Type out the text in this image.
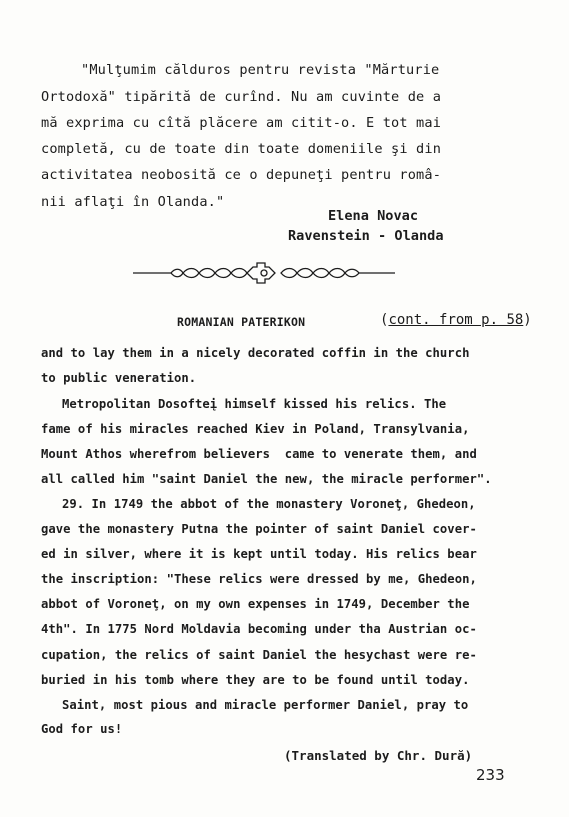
"Mulţumim călduros pentru revista "Mărturie
Ortodoxă" tipărită de curînd. Nu am cuvinte de a
mă exprima cu cîtă plăcere am citit-o. E tot mai
completă, cu de toate din toate domeniile şi din
activitatea neobosită ce o depuneţi pentru româ-
nii aflaţi în Olanda."
Elena Novac
Ravenstein - Olanda
ROMANIAN PATERIKON	(cont. from p. 58)
and to lay them in a nicely decorated coffin in the church
to public veneration.
Metropolitan Dosofteį himself kissed his relics. The
fame of his miracles reached Kiev in Poland, Transylvania,
Mount Athos wherefrom believers  came to venerate them, and
all called him "saint Daniel the new, the miracle performer".
29. In 1749 the abbot of the monastery Voroneţ, Ghedeon,
gave the monastery Putna the pointer of saint Daniel cover-
ed in silver, where it is kept until today. His relics bear
the inscription: "These relics were dressed by me, Ghedeon,
abbot of Voroneţ, on my own expenses in 1749, December the
4th". In 1775 Nord Moldavia becoming under tha Austrian oc-
cupation, the relics of saint Daniel the hesychast were re-
buried in his tomb where they are to be found until today.
Saint, most pious and miracle performer Daniel, pray to
God for us!
(Translated by Chr. Dură)
233
